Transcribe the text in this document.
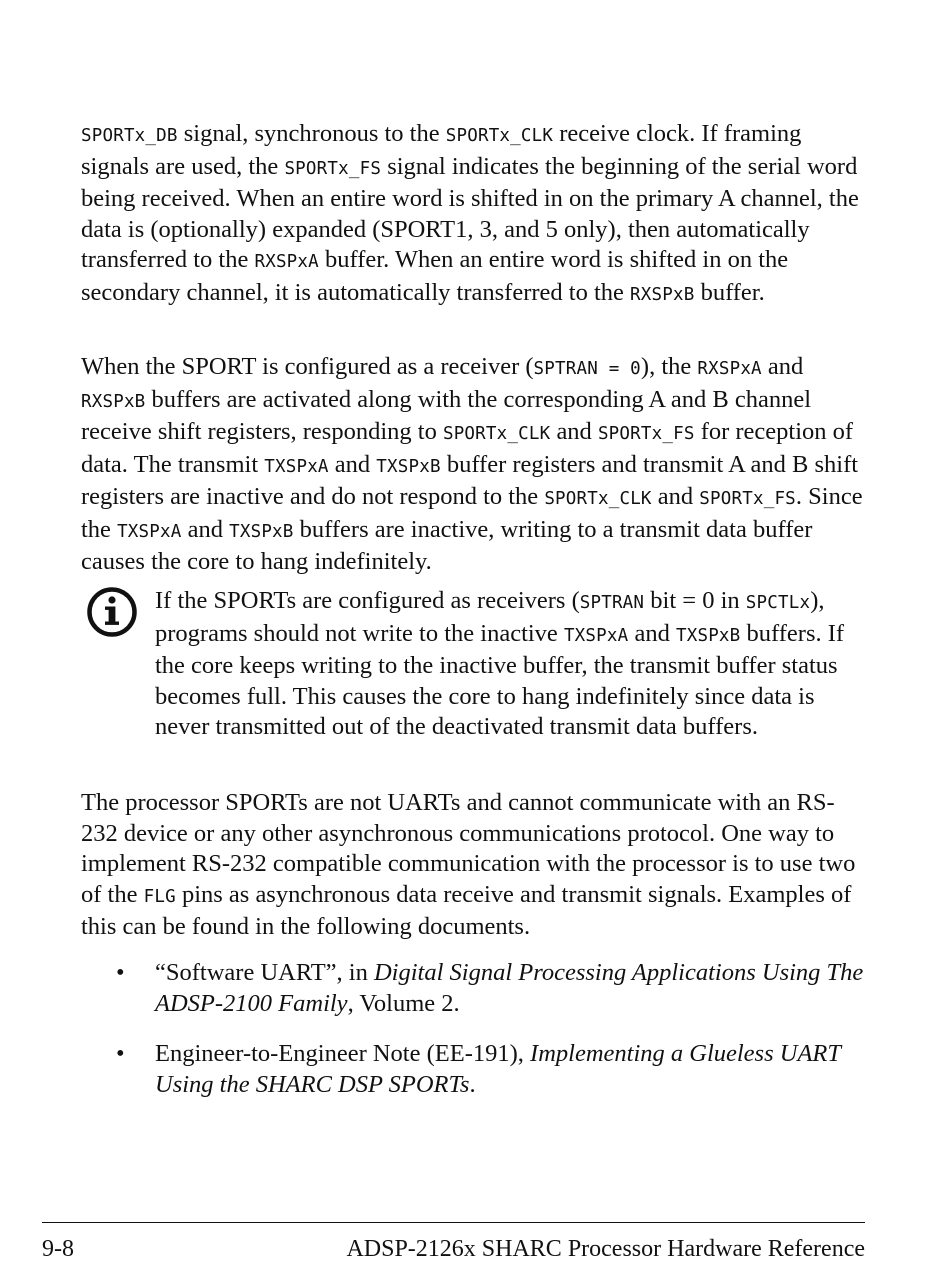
SPORTx_DB signal, synchronous to the SPORTx_CLK receive clock. If framing signals are used, the SPORTx_FS signal indicates the beginning of the serial word being received. When an entire word is shifted in on the primary A channel, the data is (optionally) expanded (SPORT1, 3, and 5 only), then automatically transferred to the RXSPxA buffer. When an entire word is shifted in on the secondary channel, it is automatically transferred to the RXSPxB buffer.

When the SPORT is configured as a receiver (SPTRAN = 0), the RXSPxA and RXSPxB buffers are activated along with the corresponding A and B channel receive shift registers, responding to SPORTx_CLK and SPORTx_FS for reception of data. The transmit TXSPxA and TXSPxB buffer registers and transmit A and B shift registers are inactive and do not respond to the SPORTx_CLK and SPORTx_FS. Since the TXSPxA and TXSPxB buffers are inactive, writing to a transmit data buffer causes the core to hang indefinitely.

If the SPORTs are configured as receivers (SPTRAN bit = 0 in SPCTLx), programs should not write to the inactive TXSPxA and TXSPxB buffers. If the core keeps writing to the inactive buffer, the transmit buffer status becomes full. This causes the core to hang indefinitely since data is never transmitted out of the deactivated transmit data buffers.

The processor SPORTs are not UARTs and cannot communicate with an RS-232 device or any other asynchronous communications protocol. One way to implement RS-232 compatible communication with the processor is to use two of the FLG pins as asynchronous data receive and transmit signals. Examples of this can be found in the following documents.

• “Software UART”, in Digital Signal Processing Applications Using The ADSP-2100 Family, Volume 2.
• Engineer-to-Engineer Note (EE-191), Implementing a Glueless UART Using the SHARC DSP SPORTs.
9-8	ADSP-2126x SHARC Processor Hardware Reference
